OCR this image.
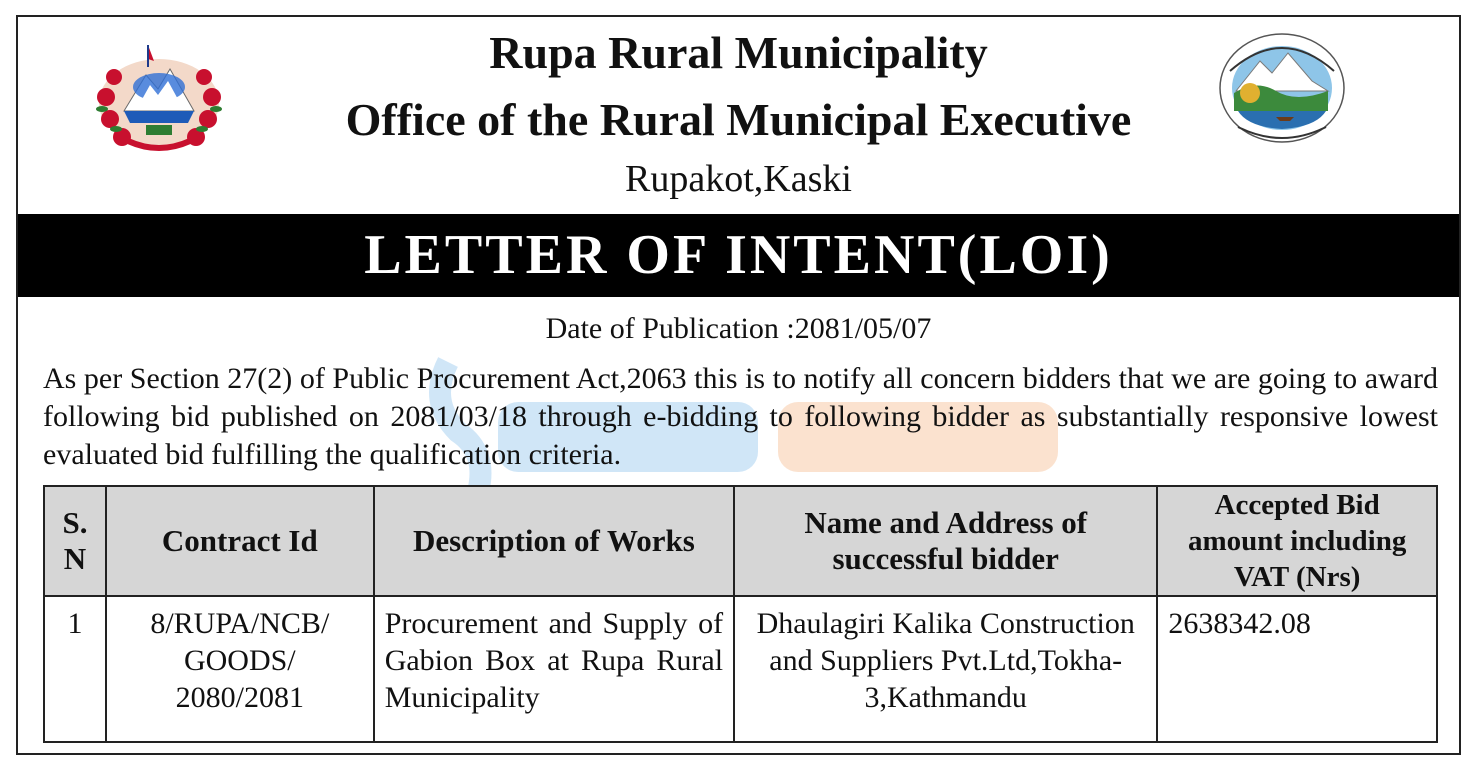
Rupa Rural Municipality
Office of the Rural Municipal Executive
Rupakot,Kaski
LETTER OF INTENT(LOI)
Date of Publication :2081/05/07

As per Section 27(2) of Public Procurement Act,2063 this is to notify all concern bidders that we are going to award following bid published on 2081/03/18 through e-bidding to following bidder as substantially responsive lowest evaluated bid fulfilling the qualification criteria.

S. N	Contract Id	Description of Works	Name and Address of successful bidder	Accepted Bid amount including VAT (Nrs)
1	8/RUPA/NCB/ GOODS/ 2080/2081	Procurement and Supply of Gabion Box at Rupa Rural Municipality	Dhaulagiri Kalika Construction and Suppliers Pvt.Ltd,Tokha-3,Kathmandu	2638342.08
